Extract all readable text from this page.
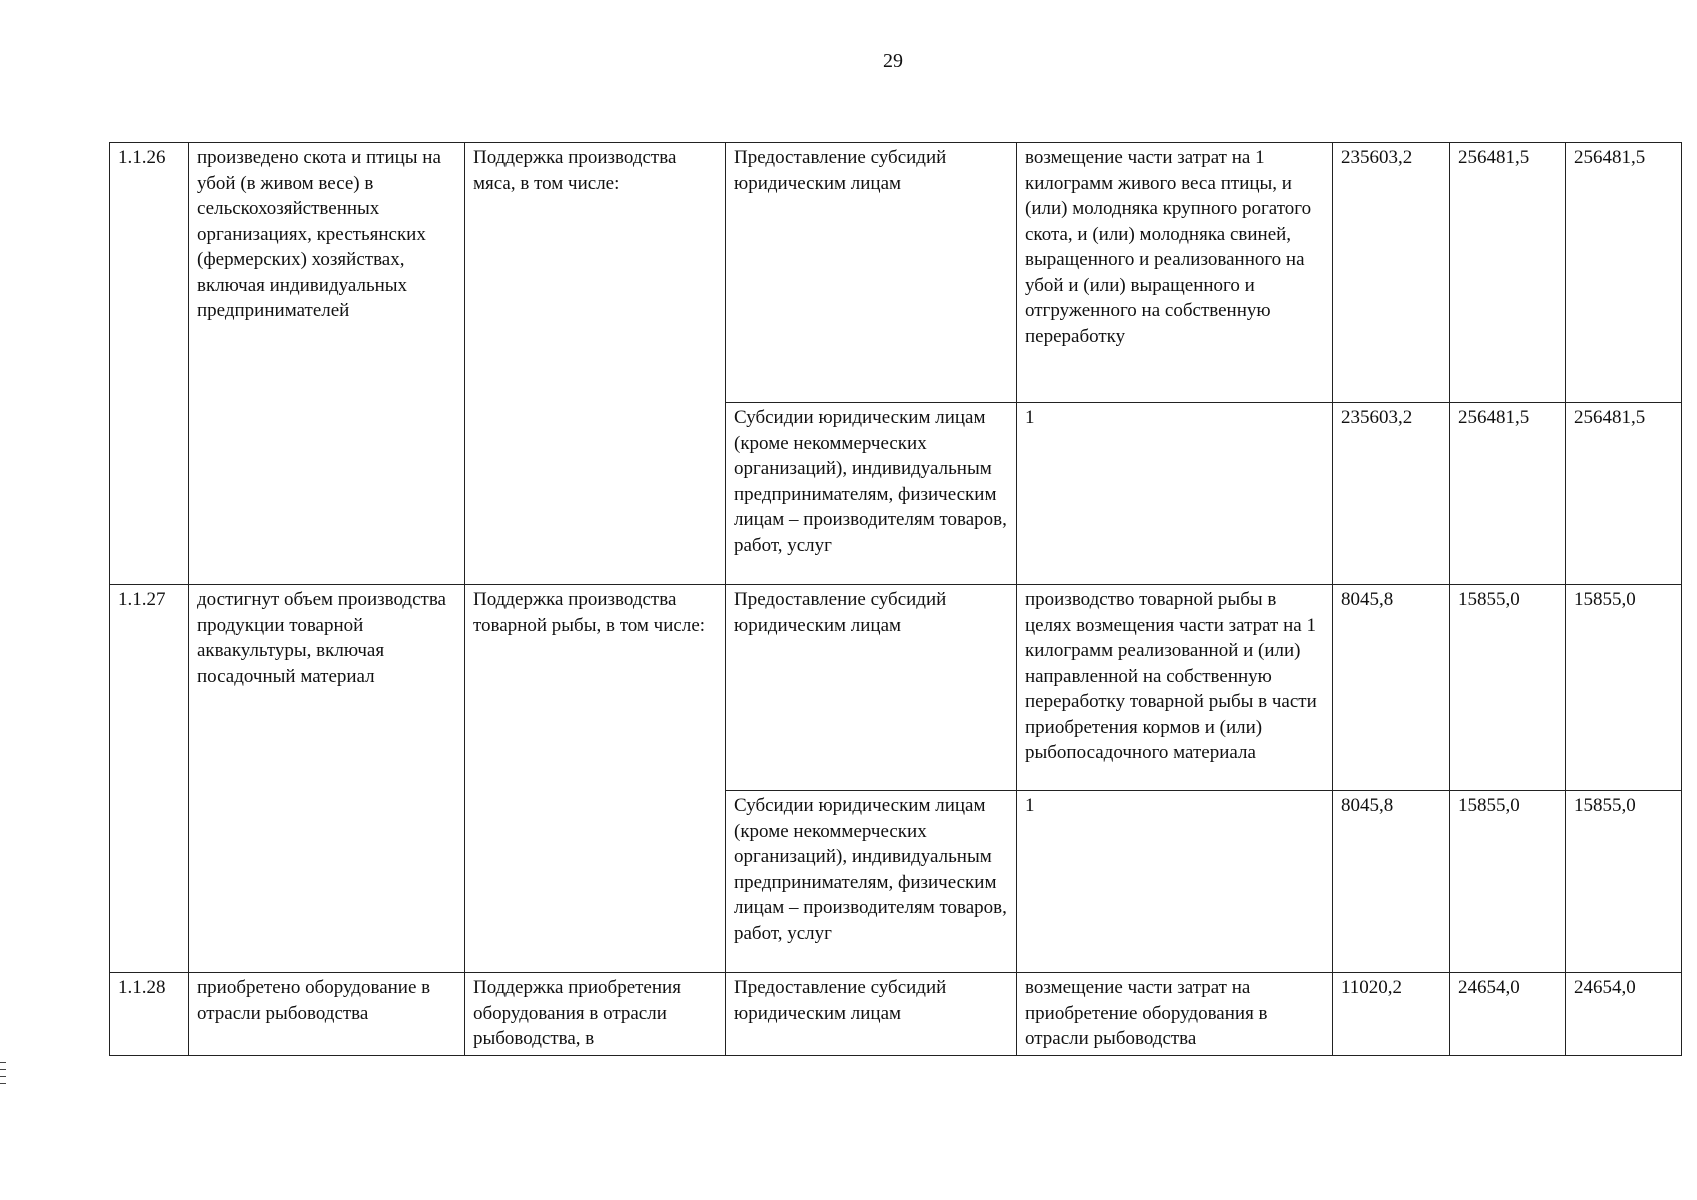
29
1.1.26	произведено скота и птицы на убой (в живом весе) в сельскохозяйственных организациях, крестьянских (фермерских) хозяйствах, включая индивидуальных предпринимателей	Поддержка производства мяса, в том числе:	Предоставление субсидий юридическим лицам	возмещение части затрат на 1 килограмм живого веса птицы, и (или) молодняка крупного рогатого скота, и (или) молодняка свиней, выращенного и реализованного на убой и (или) выращенного и отгруженного на собственную переработку	235603,2	256481,5	256481,5
			Субсидии юридическим лицам (кроме некоммерческих организаций), индивидуальным предпринимателям, физическим лицам – производителям товаров, работ, услуг	1	235603,2	256481,5	256481,5
1.1.27	достигнут объем производства продукции товарной аквакультуры, включая посадочный материал	Поддержка производства товарной рыбы, в том числе:	Предоставление субсидий юридическим лицам	производство товарной рыбы в целях возмещения части затрат на 1 килограмм реализованной и (или) направленной на собственную переработку товарной рыбы в части приобретения кормов и (или) рыбопосадочного материала	8045,8	15855,0	15855,0
			Субсидии юридическим лицам (кроме некоммерческих организаций), индивидуальным предпринимателям, физическим лицам – производителям товаров, работ, услуг	1	8045,8	15855,0	15855,0
1.1.28	приобретено оборудование в отрасли рыбоводства	Поддержка приобретения оборудования в отрасли рыбоводства, в	Предоставление субсидий юридическим лицам	возмещение части затрат на приобретение оборудования в отрасли рыбоводства	11020,2	24654,0	24654,0
